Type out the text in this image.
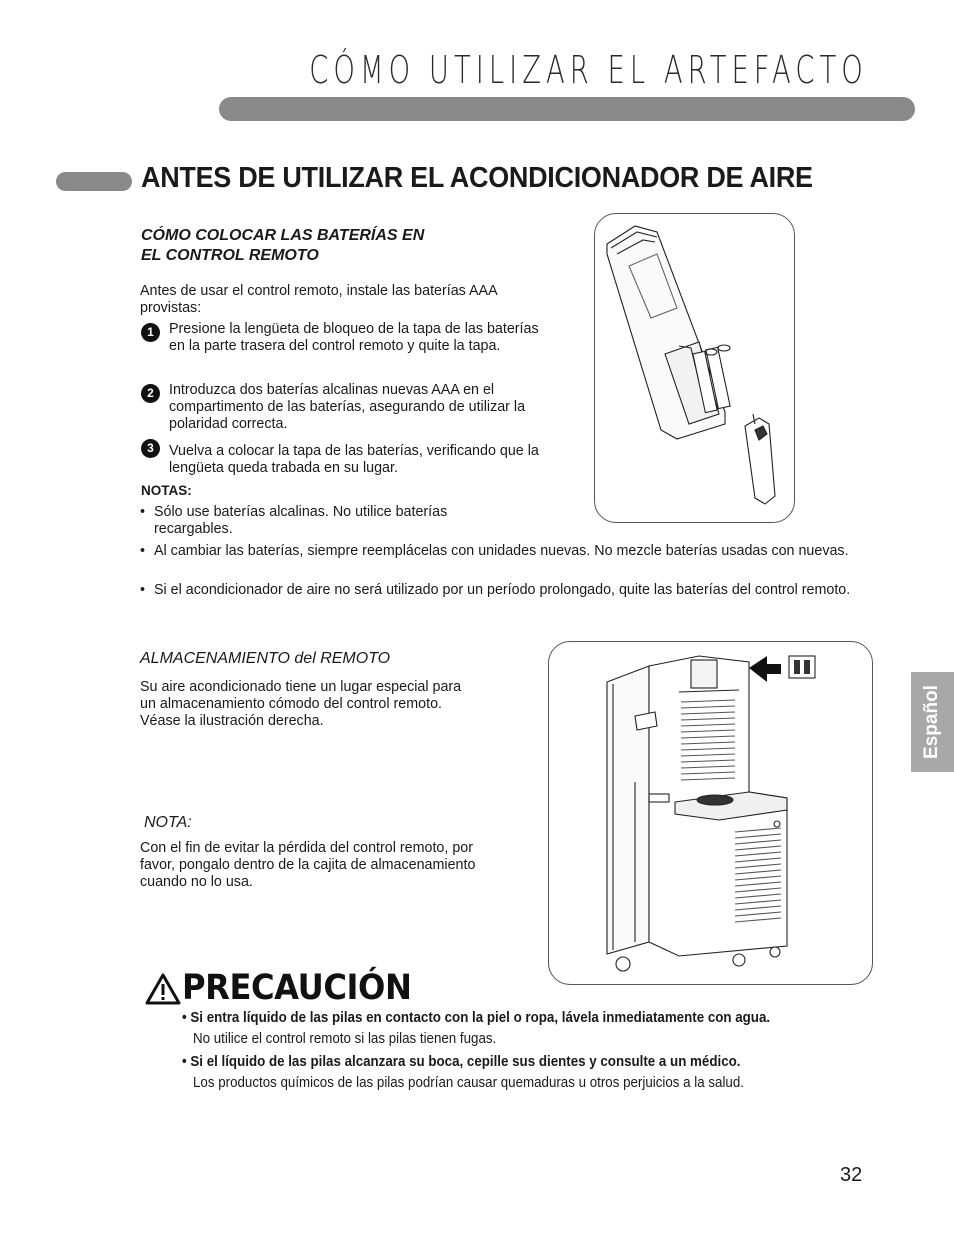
CÓMO UTILIZAR EL ARTEFACTO
ANTES DE UTILIZAR EL ACONDICIONADOR DE AIRE
CÓMO COLOCAR LAS BATERÍAS EN
EL CONTROL REMOTO
Antes de usar el control remoto, instale las baterías AAA provistas:
1	Presione la lengüeta de bloqueo de la tapa de las baterías en la parte trasera del control remoto y quite la tapa.
2	Introduzca dos baterías alcalinas nuevas AAA en el compartimento de las baterías, asegurando de utilizar la polaridad correcta.
3	Vuelva a colocar la tapa de las baterías, verificando que la lengüeta queda trabada en su lugar.
NOTAS:
• Sólo use baterías alcalinas. No utilice baterías recargables.
• Al cambiar las baterías, siempre reemplácelas con unidades nuevas. No mezcle baterías usadas con nuevas.
• Si el acondicionador de aire no será utilizado por un período prolongado, quite las baterías del control remoto.
ALMACENAMIENTO del REMOTO
Su aire acondicionado tiene un lugar especial para un almacenamiento cómodo del control remoto.
Véase la ilustración derecha.
NOTA:
Con el fin de evitar la pérdida del control remoto, por favor, pongalo dentro de la cajita de almacenamiento cuando no lo usa.
Español
PRECAUCIÓN
• Si entra líquido de las pilas en contacto con la piel o ropa, lávela inmediatamente con agua.
No utilice el control remoto si las pilas tienen fugas.
• Si el líquido de las pilas alcanzara su boca, cepille sus dientes y consulte a un médico.
Los productos químicos de las pilas podrían causar quemaduras u otros perjuicios a la salud.
32
